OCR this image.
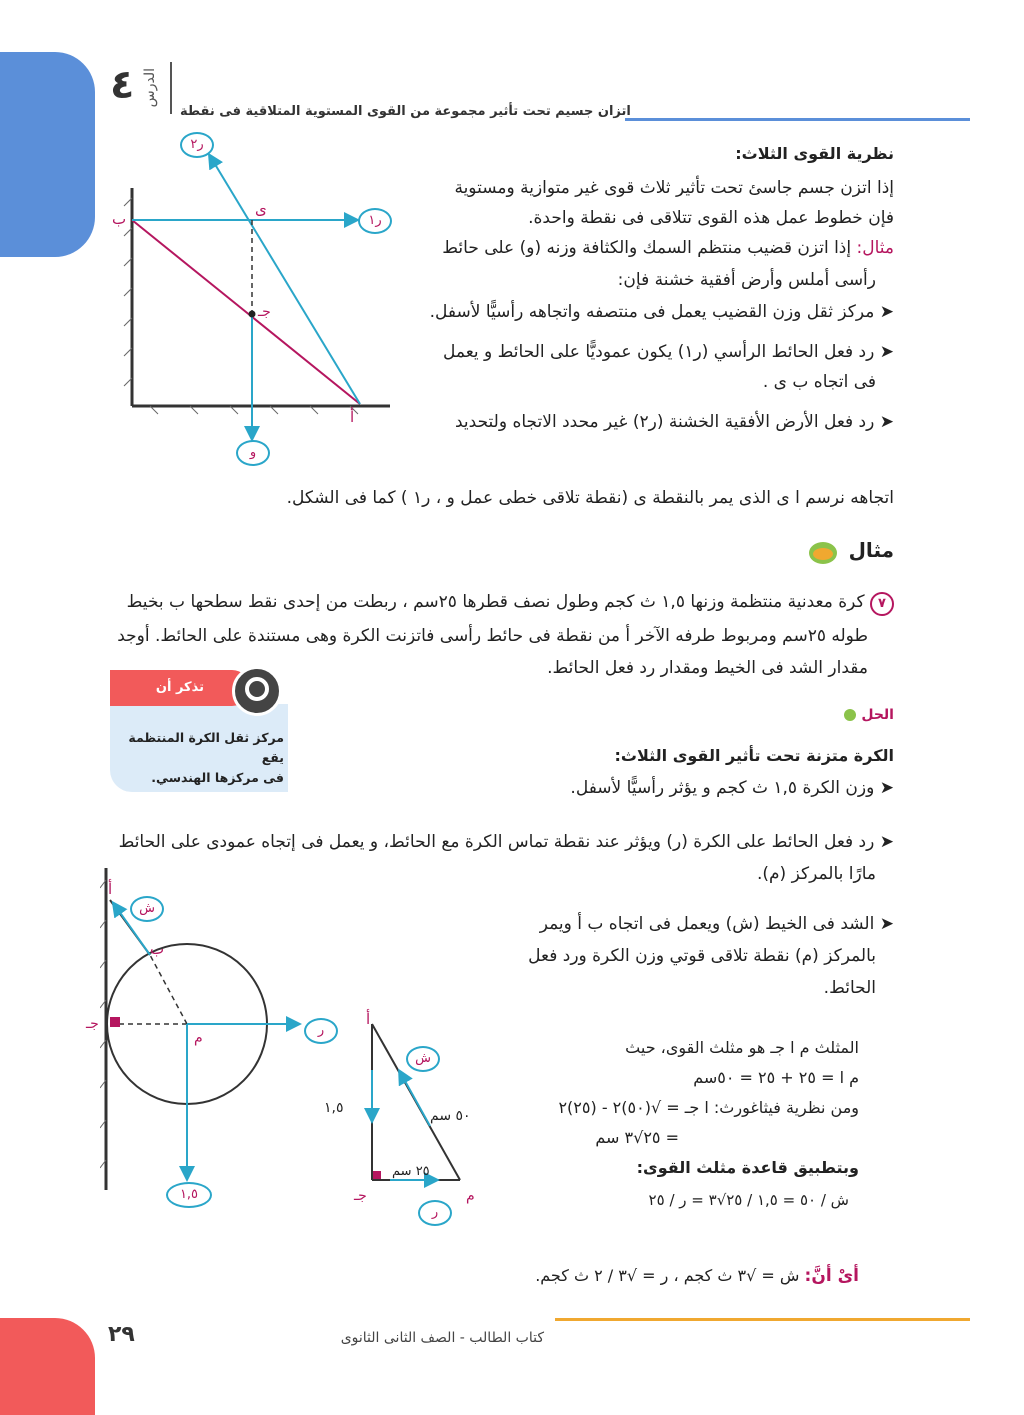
٤ الدرس
اتزان جسيم تحت تأثير مجموعة من القوى المستوية المتلاقية فى نقطة
نظرية القوى الثلاث:
إذا اتزن جسم جاسئ تحت تأثير ثلاث قوى غير متوازية ومستوية
فإن خطوط عمل هذه القوى تتلاقى فى نقطة واحدة.
مثال: إذا اتزن قضيب منتظم السمك والكثافة وزنه (و) على حائط
رأسى أملس وأرض أفقية خشنة فإن:
➤ مركز ثقل وزن القضيب يعمل فى منتصفه واتجاهه رأسيًّا لأسفل.
➤ رد فعل الحائط الرأسي (ر١) يكون عموديًّا على الحائط و يعمل
فى اتجاه ب ى .
➤ رد فعل الأرض الأفقية الخشنة (ر٢) غير محدد الاتجاه ولتحديد
اتجاهه نرسم ا ى الذى يمر بالنقطة ى (نقطة تلاقى خطى عمل و ، ر١ ) كما فى الشكل.
ر٢
ر١
ب
ى
جـ
أ
و
مثال
٧ كرة معدنية منتظمة وزنها ١,٥ ث كجم وطول نصف قطرها ٢٥سم ، ربطت من إحدى نقط سطحها ب بخيط
طوله ٢٥سم ومربوط طرفه الآخر أ من نقطة فى حائط رأسى فاتزنت الكرة وهى مستندة على الحائط. أوجد
مقدار الشد فى الخيط ومقدار رد فعل الحائط.
تذكر أن
مركز ثقل الكرة المنتظمة يقع
فى مركزها الهندسي.
الحل
الكرة متزنة تحت تأثير القوى الثلاث:
➤ وزن الكرة ١,٥ ث كجم و يؤثر رأسيًّا لأسفل.
➤ رد فعل الحائط على الكرة (ر) ويؤثر عند نقطة تماس الكرة مع الحائط، و يعمل فى إتجاه عمودى على الحائط
مارًا بالمركز (م).
➤ الشد فى الخيط (ش) ويعمل فى اتجاه ب أ ويمر
بالمركز (م) نقطة تلاقى قوتي وزن الكرة ورد فعل
الحائط.
المثلث م ا جـ هو مثلث القوى، حيث
م ا = ٢٥ + ٢٥ = ٥٠سم
ومن نظرية فيثاغورث: ا جـ = √(٥٠)٢ - (٢٥)٢
= ٢٥√٣ سم
وبتطبيق قاعدة مثلث القوى:
ش / ٥٠ = ١,٥ / ٢٥√٣ = ر / ٢٥
أىْ أنَّ: ش = √٣ ث كجم ، ر = √٣ / ٢ ث كجم.
أ
ش
ب
جـ
م	ر
١,٥
أ
ش
٥٠ سم
١,٥
٢٥ سم
جـ	م
ر
كتاب الطالب - الصف الثانى الثانوى
٢٩
